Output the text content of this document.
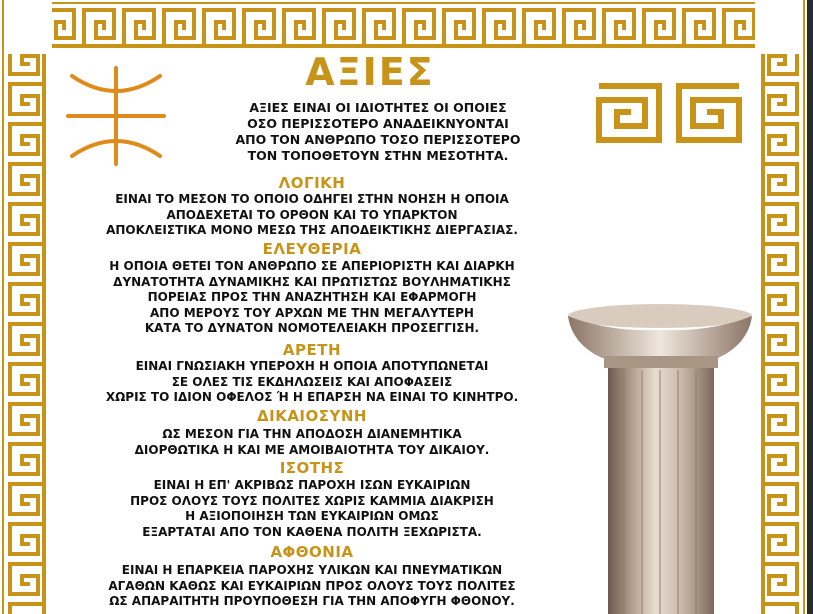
ΑΞΙΕΣ
ΑΞΙΕΣ ΕΙΝΑΙ ΟΙ ΙΔΙΟΤΗΤΕΣ ΟΙ ΟΠΟΙΕΣ
ΟΣΟ ΠΕΡΙΣΣΟΤΕΡΟ ΑΝΑΔΕΙΚΝΥΟΝΤΑΙ
ΑΠΟ ΤΟΝ ΑΝΘΡΩΠΟ ΤΟΣΟ ΠΕΡΙΣΣΟΤΕΡΟ
ΤΟΝ ΤΟΠΟΘΕΤΟΥΝ ΣΤΗΝ ΜΕΣΟΤΗΤΑ.
ΛΟΓΙΚΗ
ΕΙΝΑΙ ΤΟ ΜΕΣΟΝ ΤΟ ΟΠΟΙΟ ΟΔΗΓΕΙ ΣΤΗΝ ΝΟΗΣΗ Η ΟΠΟΙΑ
ΑΠΟΔΕΧΕΤΑΙ ΤΟ ΟΡΘΟΝ ΚΑΙ ΤΟ ΥΠΑΡΚΤΟΝ
ΑΠΟΚΛΕΙΣΤΙΚΑ ΜΟΝΟ ΜΕΣΩ ΤΗΣ ΑΠΟΔΕΙΚΤΙΚΗΣ ΔΙΕΡΓΑΣΙΑΣ.
ΕΛΕΥΘΕΡΙΑ
Η ΟΠΟΙΑ ΘΕΤΕΙ ΤΟΝ ΑΝΘΡΩΠΟ ΣΕ ΑΠΕΡΙΟΡΙΣΤΗ ΚΑΙ ΔΙΑΡΚΗ
ΔΥΝΑΤΟΤΗΤΑ ΔΥΝΑΜΙΚΗΣ ΚΑΙ ΠΡΩΤΙΣΤΩΣ ΒΟΥΛΗΜΑΤΙΚΗΣ
ΠΟΡΕΙΑΣ ΠΡΟΣ ΤΗΝ ΑΝΑΖΗΤΗΣΗ ΚΑΙ ΕΦΑΡΜΟΓΗ
ΑΠΟ ΜΕΡΟΥΣ ΤΟΥ ΑΡΧΩΝ ΜΕ ΤΗΝ ΜΕΓΑΛΥΤΕΡΗ
ΚΑΤΑ ΤΟ ΔΥΝΑΤΟΝ ΝΟΜΟΤΕΛΕΙΑΚΗ ΠΡΟΣΕΓΓΙΣΗ.
ΑΡΕΤΗ
ΕΙΝΑΙ ΓΝΩΣΙΑΚΗ ΥΠΕΡΟΧΗ Η ΟΠΟΙΑ ΑΠΟΤΥΠΩΝΕΤΑΙ
ΣΕ ΟΛΕΣ ΤΙΣ ΕΚΔΗΛΩΣΕΙΣ ΚΑΙ ΑΠΟΦΑΣΕΙΣ
ΧΩΡΙΣ ΤΟ ΙΔΙΟΝ ΟΦΕΛΟΣ Ή Η ΕΠΑΡΣΗ ΝΑ ΕΙΝΑΙ ΤΟ ΚΙΝΗΤΡΟ.
ΔΙΚΑΙΟΣΥΝΗ
ΩΣ ΜΕΣΟΝ ΓΙΑ ΤΗΝ ΑΠΟΔΟΣΗ ΔΙΑΝΕΜΗΤΙΚΑ
ΔΙΟΡΘΩΤΙΚΑ Η ΚΑΙ ΜΕ ΑΜΟΙΒΑΙΟΤΗΤΑ ΤΟΥ ΔΙΚΑΙΟΥ.
ΙΣΟΤΗΣ
ΕΙΝΑΙ Η ΕΠ' ΑΚΡΙΒΩΣ ΠΑΡΟΧΗ ΙΣΩΝ ΕΥΚΑΙΡΙΩΝ
ΠΡΟΣ ΟΛΟΥΣ ΤΟΥΣ ΠΟΛΙΤΕΣ ΧΩΡΙΣ ΚΑΜΜΙΑ ΔΙΑΚΡΙΣΗ
Η ΑΞΙΟΠΟΙΗΣΗ ΤΩΝ ΕΥΚΑΙΡΙΩΝ ΟΜΩΣ
ΕΞΑΡΤΑΤΑΙ ΑΠΟ ΤΟΝ ΚΑΘΕΝΑ ΠΟΛΙΤΗ ΞΕΧΩΡΙΣΤΑ.
ΑΦΘΟΝΙΑ
ΕΙΝΑΙ Η ΕΠΑΡΚΕΙΑ ΠΑΡΟΧΗΣ ΥΛΙΚΩΝ ΚΑΙ ΠΝΕΥΜΑΤΙΚΩΝ
ΑΓΑΘΩΝ ΚΑΘΩΣ ΚΑΙ ΕΥΚΑΙΡΙΩΝ ΠΡΟΣ ΟΛΟΥΣ ΤΟΥΣ ΠΟΛΙΤΕΣ
ΩΣ ΑΠΑΡΑΙΤΗΤΗ ΠΡΟΥΠΟΘΕΣΗ ΓΙΑ ΤΗΝ ΑΠΟΦΥΓΗ ΦΘΟΝΟΥ.
